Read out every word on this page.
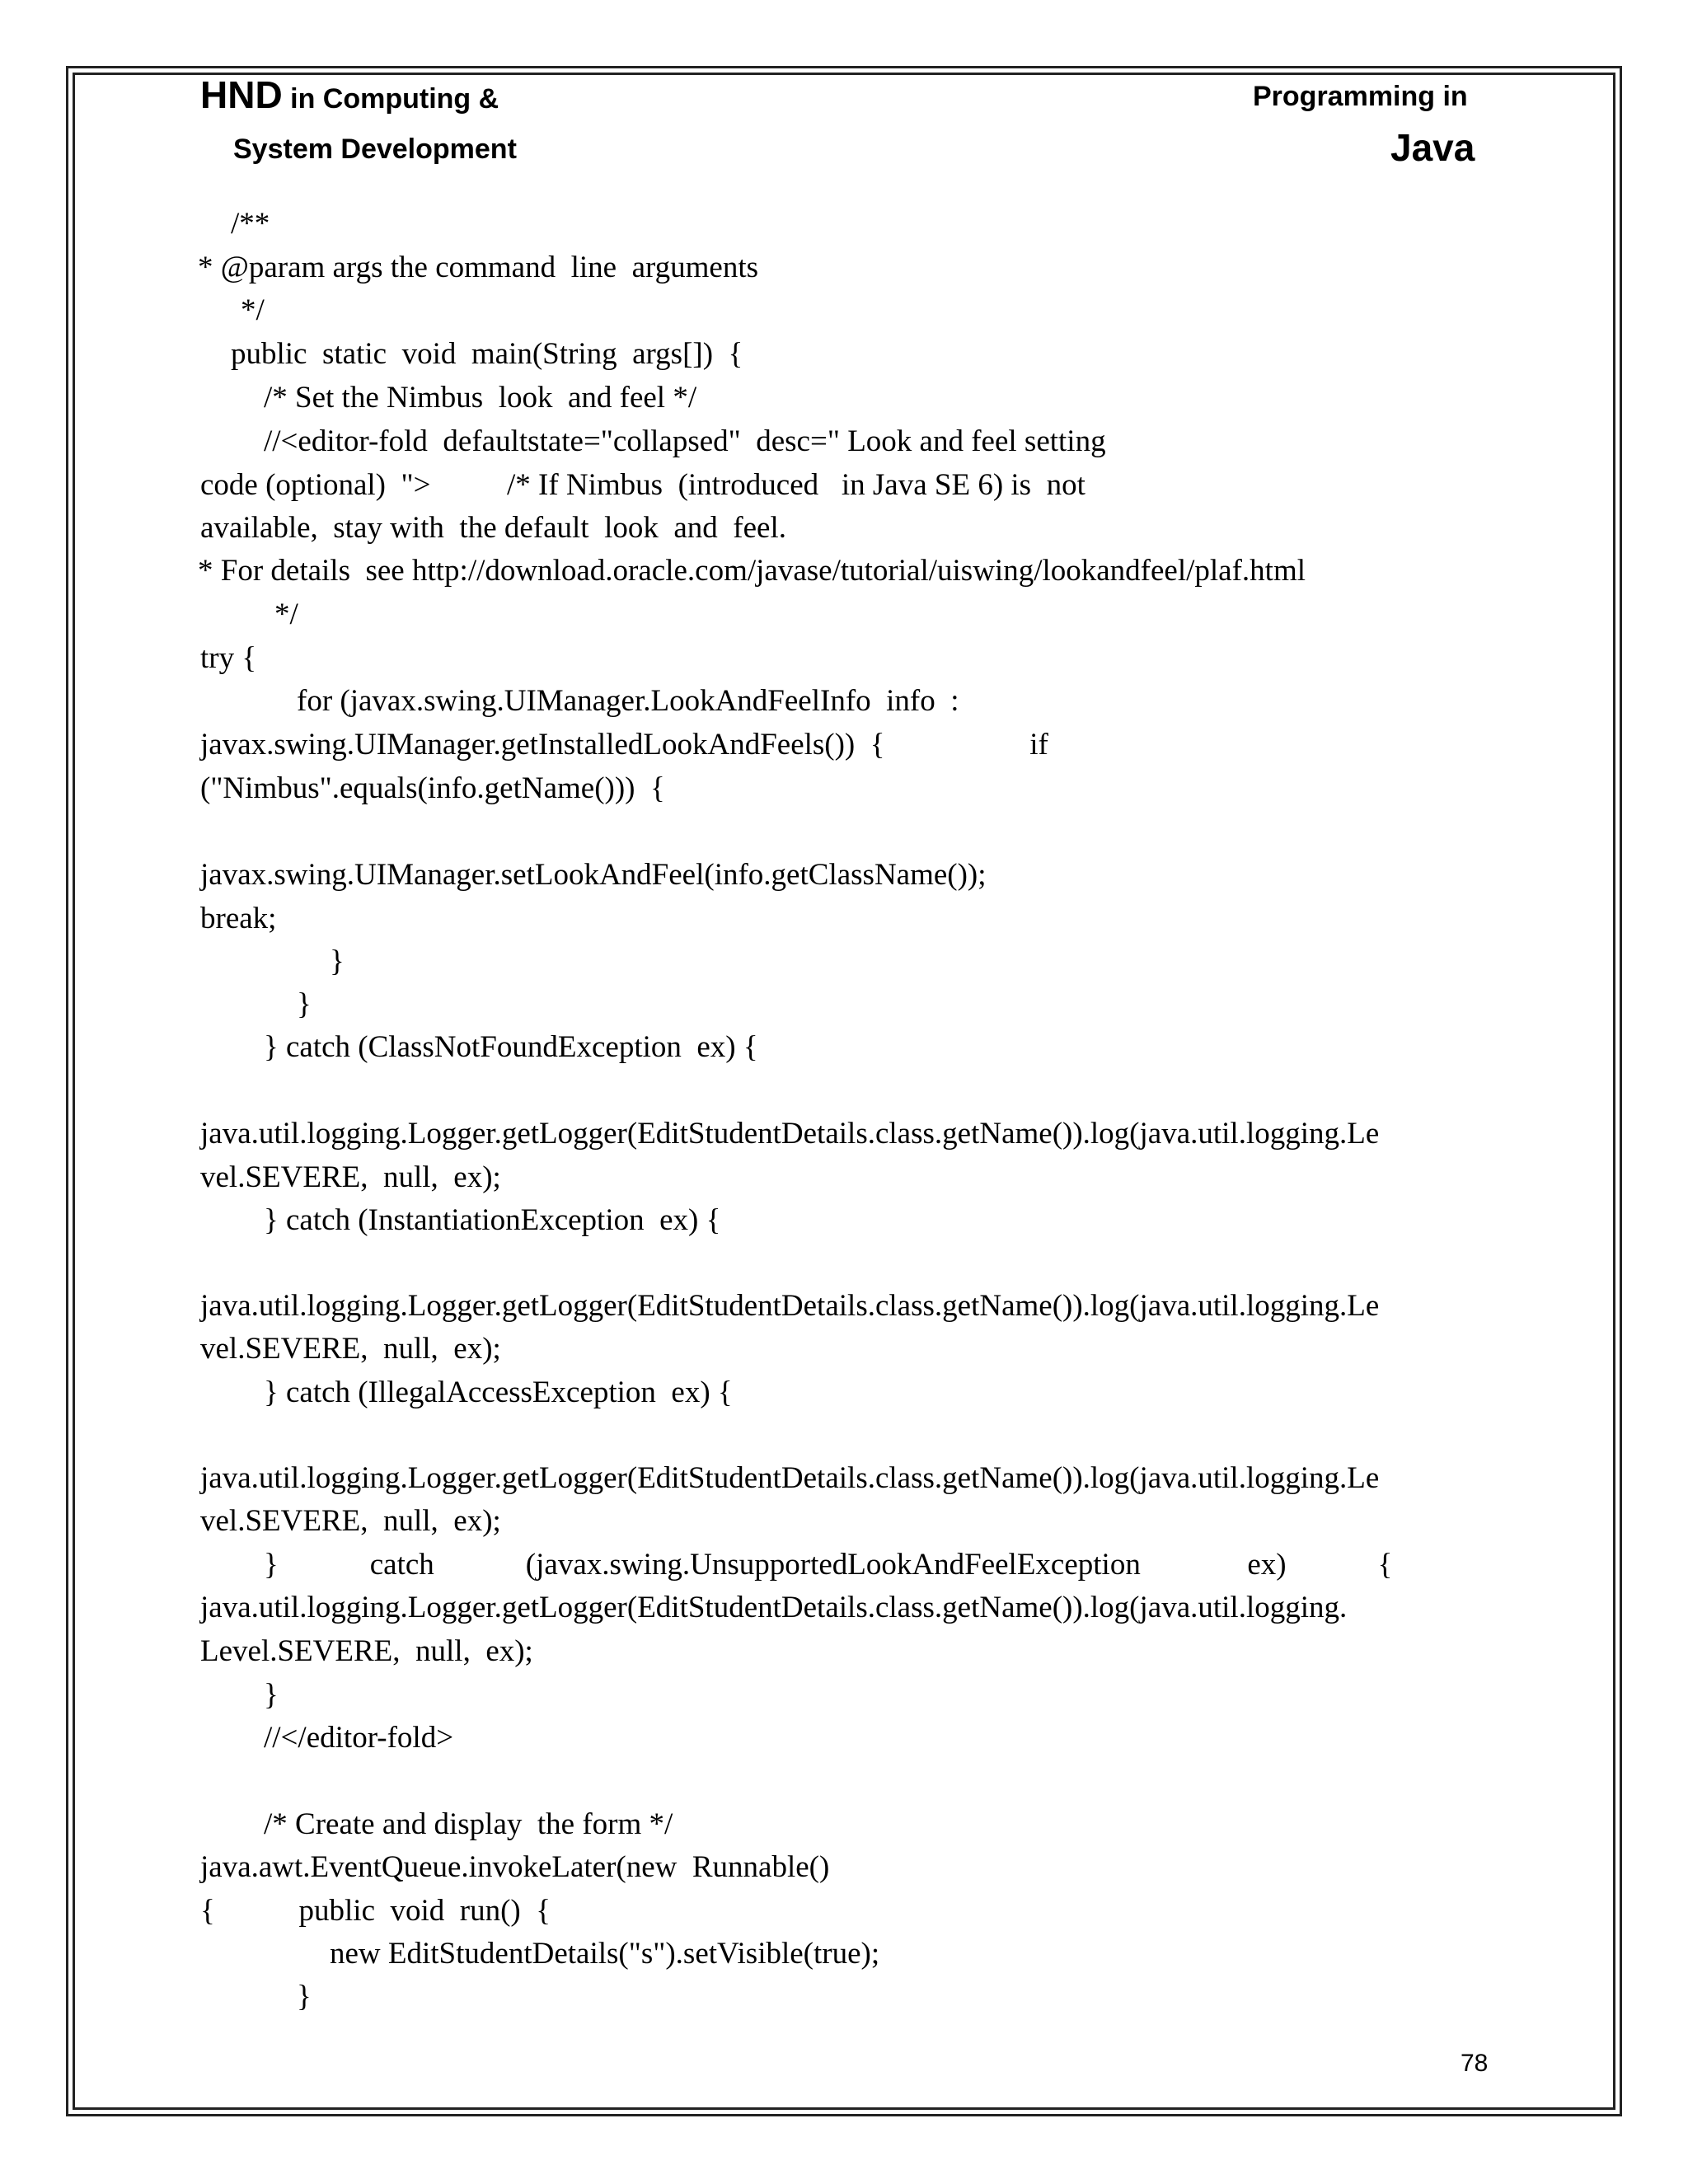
HND in Computing &
System Development
Programming in
Java
/**
* @param args the command  line  arguments
*/
public  static  void  main(String  args[])  {
/* Set the Nimbus  look  and feel */
//<editor-fold  defaultstate="collapsed"  desc=" Look and feel setting
code (optional)  ">          /* If Nimbus  (introduced   in Java SE 6) is  not
available,  stay with  the default  look  and  feel.
* For details  see http://download.oracle.com/javase/tutorial/uiswing/lookandfeel/plaf.html
*/
try {
for (javax.swing.UIManager.LookAndFeelInfo  info  :
javax.swing.UIManager.getInstalledLookAndFeels())  {                   if
("Nimbus".equals(info.getName()))  {
javax.swing.UIManager.setLookAndFeel(info.getClassName());
break;
}
}
} catch (ClassNotFoundException  ex) {
java.util.logging.Logger.getLogger(EditStudentDetails.class.getName()).log(java.util.logging.Le
vel.SEVERE,  null,  ex);
} catch (InstantiationException  ex) {
java.util.logging.Logger.getLogger(EditStudentDetails.class.getName()).log(java.util.logging.Le
vel.SEVERE,  null,  ex);
} catch (IllegalAccessException  ex) {
java.util.logging.Logger.getLogger(EditStudentDetails.class.getName()).log(java.util.logging.Le
vel.SEVERE,  null,  ex);
}            catch            (javax.swing.UnsupportedLookAndFeelException              ex)            {
java.util.logging.Logger.getLogger(EditStudentDetails.class.getName()).log(java.util.logging.
Level.SEVERE,  null,  ex);
}
//</editor-fold>
/* Create and display  the form */
java.awt.EventQueue.invokeLater(new  Runnable()
{           public  void  run()  {
new EditStudentDetails("s").setVisible(true);
}
78
